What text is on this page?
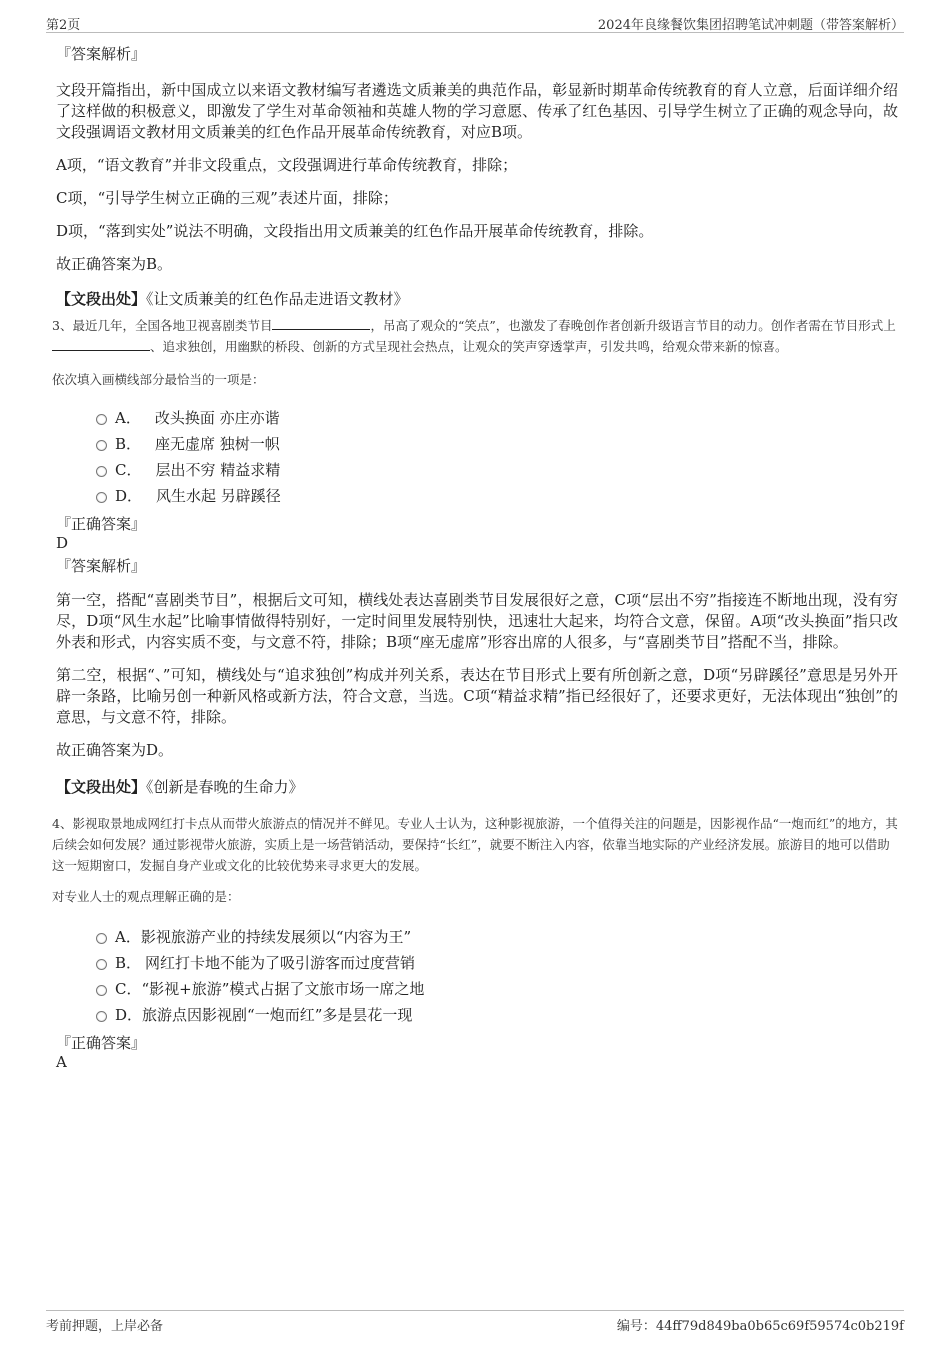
第2页	2024年良缘餐饮集团招聘笔试冲刺题（带答案解析）

『答案解析』

文段开篇指出，新中国成立以来语文教材编写者遴选文质兼美的典范作品，彰显新时期革命传统教育的育人立意，后面详细介绍了这样做的积极意义，即激发了学生对革命领袖和英雄人物的学习意愿、传承了红色基因、引导学生树立了正确的观念导向，故文段强调语文教材用文质兼美的红色作品开展革命传统教育，对应B项。

A项，“语文教育”并非文段重点，文段强调进行革命传统教育，排除；

C项，“引导学生树立正确的三观”表述片面，排除；

D项，“落到实处”说法不明确，文段指出用文质兼美的红色作品开展革命传统教育，排除。

故正确答案为B。

【文段出处】《让文质兼美的红色作品走进语文教材》

3、最近几年，全国各地卫视喜剧类节目	，吊高了观众的“笑点”，也激发了春晚创作者创新升级语言节目的动力。创作者需在节目形式上、追求独创，用幽默的桥段、创新的方式呈现社会热点，让观众的笑声穿透掌声，引发共鸣，给观众带来新的惊喜。

依次填入画横线部分最恰当的一项是：

A． 改头换面 亦庄亦谐
B． 座无虚席 独树一帜
C． 层出不穷 精益求精
D． 风生水起 另辟蹊径

『正确答案』

D

『答案解析』

第一空，搭配“喜剧类节目”，根据后文可知，横线处表达喜剧类节目发展很好之意，C项“层出不穷”指接连不断地出现，没有穷尽，D项“风生水起”比喻事情做得特别好，一定时间里发展特别快，迅速壮大起来，均符合文意，保留。A项“改头换面”指只改外表和形式，内容实质不变，与文意不符，排除；B项“座无虚席”形容出席的人很多，与“喜剧类节目”搭配不当，排除。

第二空，根据“、”可知，横线处与“追求独创”构成并列关系，表达在节目形式上要有所创新之意，D项“另辟蹊径”意思是另外开辟一条路，比喻另创一种新风格或新方法，符合文意，当选。C项“精益求精”指已经很好了，还要求更好，无法体现出“独创”的意思，与文意不符，排除。

故正确答案为D。

【文段出处】《创新是春晚的生命力》

4、影视取景地成网红打卡点从而带火旅游点的情况并不鲜见。专业人士认为，这种影视旅游，一个值得关注的问题是，因影视作品“一炮而红”的地方，其后续会如何发展？通过影视带火旅游，实质上是一场营销活动，要保持“长红”，就要不断注入内容，依靠当地实际的产业经济发展。旅游目的地可以借助这一短期窗口，发掘自身产业或文化的比较优势来寻求更大的发展。

对专业人士的观点理解正确的是：

A． 影视旅游产业的持续发展须以“内容为王”
B． 网红打卡地不能为了吸引游客而过度营销
C． “影视+旅游”模式占据了文旅市场一席之地
D． 旅游点因影视剧“一炮而红”多是昙花一现

『正确答案』

A

考前押题，上岸必备	编号：44ff79d849ba0b65c69f59574c0b219f
